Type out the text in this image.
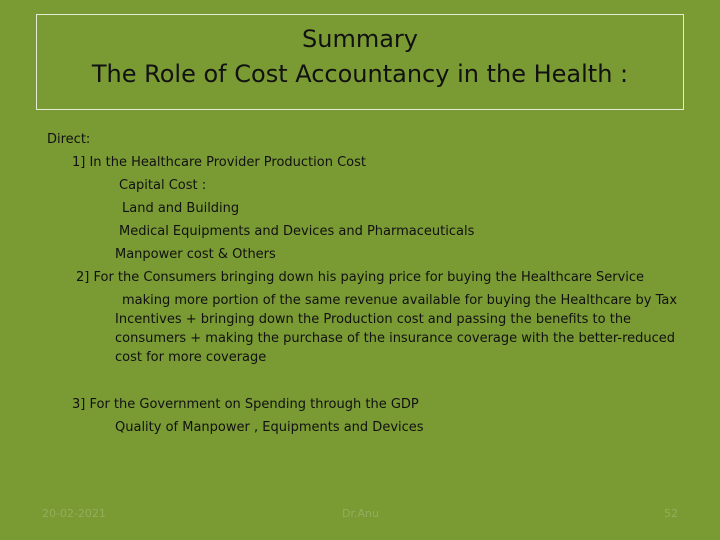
Summary
The Role of Cost Accountancy in the Health :
Direct:
1] In the Healthcare Provider Production Cost
Capital Cost :
Land and Building
Medical Equipments and Devices and Pharmaceuticals
Manpower cost & Others
2] For the Consumers bringing down his paying price for buying the Healthcare Service
making more portion of the same revenue available for buying the Healthcare by Tax
Incentives + bringing down the Production cost and passing the benefits to the
consumers + making the purchase of the insurance coverage with the better-reduced
cost for more coverage
3] For the Government on Spending through the GDP
Quality of Manpower , Equipments and Devices
20-02-2021	Dr.Anu	52
